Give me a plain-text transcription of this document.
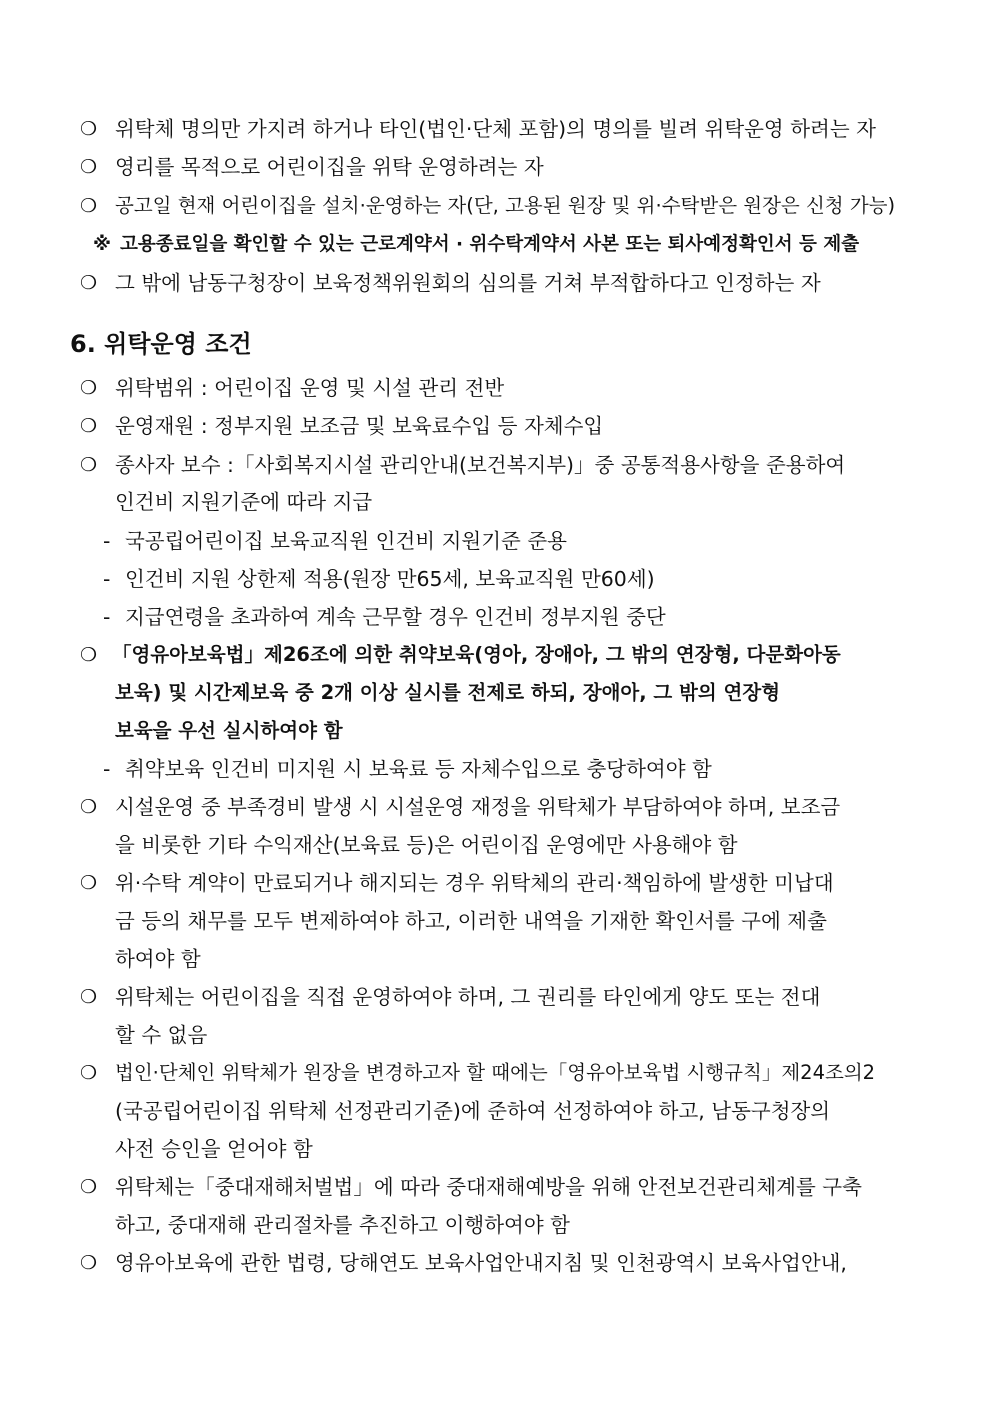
❍ 위탁체 명의만 가지려 하거나 타인(법인·단체 포함)의 명의를 빌려 위탁운영 하려는 자
❍ 영리를 목적으로 어린이집을 위탁 운영하려는 자
❍ 공고일 현재 어린이집을 설치·운영하는 자(단, 고용된 원장 및 위·수탁받은 원장은 신청 가능)
※ 고용종료일을 확인할 수 있는 근로계약서 · 위수탁계약서 사본 또는 퇴사예정확인서 등 제출
❍ 그 밖에 남동구청장이 보육정책위원회의 심의를 거쳐 부적합하다고 인정하는 자
6. 위탁운영 조건
❍ 위탁범위 : 어린이집 운영 및 시설 관리 전반
❍ 운영재원 : 정부지원 보조금 및 보육료수입 등 자체수입
❍ 종사자 보수 :「사회복지시설 관리안내(보건복지부)」중 공통적용사항을 준용하여
인건비 지원기준에 따라 지급
- 국공립어린이집 보육교직원 인건비 지원기준 준용
- 인건비 지원 상한제 적용(원장 만65세, 보육교직원 만60세)
- 지급연령을 초과하여 계속 근무할 경우 인건비 정부지원 중단
❍ 「영유아보육법」제26조에 의한 취약보육(영아, 장애아, 그 밖의 연장형, 다문화아동
보육) 및 시간제보육 중 2개 이상 실시를 전제로 하되, 장애아, 그 밖의 연장형
보육을 우선 실시하여야 함
- 취약보육 인건비 미지원 시 보육료 등 자체수입으로 충당하여야 함
❍ 시설운영 중 부족경비 발생 시 시설운영 재정을 위탁체가 부담하여야 하며, 보조금
을 비롯한 기타 수익재산(보육료 등)은 어린이집 운영에만 사용해야 함
❍ 위·수탁 계약이 만료되거나 해지되는 경우 위탁체의 관리·책임하에 발생한 미납대
금 등의 채무를 모두 변제하여야 하고, 이러한 내역을 기재한 확인서를 구에 제출
하여야 함
❍ 위탁체는 어린이집을 직접 운영하여야 하며, 그 권리를 타인에게 양도 또는 전대
할 수 없음
❍ 법인·단체인 위탁체가 원장을 변경하고자 할 때에는「영유아보육법 시행규칙」제24조의2
(국공립어린이집 위탁체 선정관리기준)에 준하여 선정하여야 하고, 남동구청장의
사전 승인을 얻어야 함
❍ 위탁체는「중대재해처벌법」에 따라 중대재해예방을 위해 안전보건관리체계를 구축
하고, 중대재해 관리절차를 추진하고 이행하여야 함
❍ 영유아보육에 관한 법령, 당해연도 보육사업안내지침 및 인천광역시 보육사업안내,
